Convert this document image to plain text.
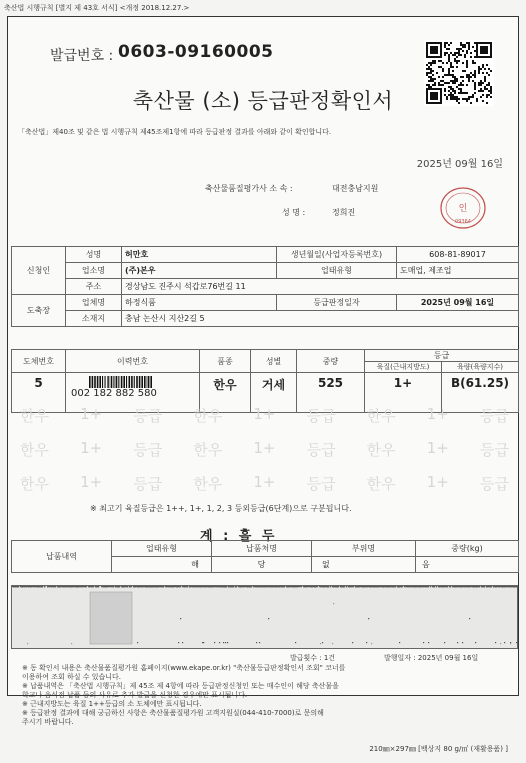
축산법 시행규칙 [별지 제 43호 서식] <개정 2018.12.27.>
발급번호 : 0603-09160005
축산물 (소) 등급판정확인서
「축산법」제40조 및 같은 법 시행규칙 제45조제1항에 따라 등급판정 결과를 아래와 같이 확인합니다.
2025년 09월 16일
축산물품질평가사 소 속 :	대전충남지원
성 명 :	정희진	인
09364
신청인	성명	허만호	생년월일(사업자등록번호)	608-81-89017
	업소명	(주)본우	업태유형	도매업, 제조업
	주소	경상남도 진주시 석갑로76번길 11		
도축장	업체명	하정식품	등급판정일자	2025년 09월 16일
	소재지	충남 논산시 지산2길 5		
도체번호	이력번호	품종	성별	중량	등급	
					육질(근내지방도)	육량(육량지수)
5	002 182 882 580	한우	거세	525	1+	B(61.25)
한우 1+ 등급 한우 1+ 등급 한우 1+ 등급
한우 1+ 등급 한우 1+ 등급 한우 1+ 등급
한우 1+ 등급 한우 1+ 등급 한우 1+ 등급
※ 최고기 육질등급은 1++, 1+, 1, 2, 3 등외등급(6단계)으로 구분됩니다.
계 : 흘 두
납품내역	업태유형	납품처명	부위명	중량(kg)
	해	당	없	음
발급횟수 : 1건	발행일자 : 2025년 09월 16일
※ 동 확인서 내용은 축산물품질평가원 홈페이지(www.ekape.or.kr) "축산물등급판정확인서 조회" 코너를
이용하여 조회 하실 수 있습니다.
※ 납품내역은 「축산법 시행규칙」제 45조 제 4항에 따라 등급판정신청인 또는 매수인이 해당 축산물을
학교나 음식점 납품 등의 사유로 추가 발급을 신청한 경우에만 표시됩니다.
※ 근내지방도는 육질 1++등급의 소 도체에만 표시됩니다.
※ 등급판정 결과에 대해 궁금하신 사항은 축산물품질평가원 고객지원실(044-410-7000)로 문의해
주시기 바랍니다.
210㎜×297㎜ [백상지 80 g/㎡ (재활용품) ]
